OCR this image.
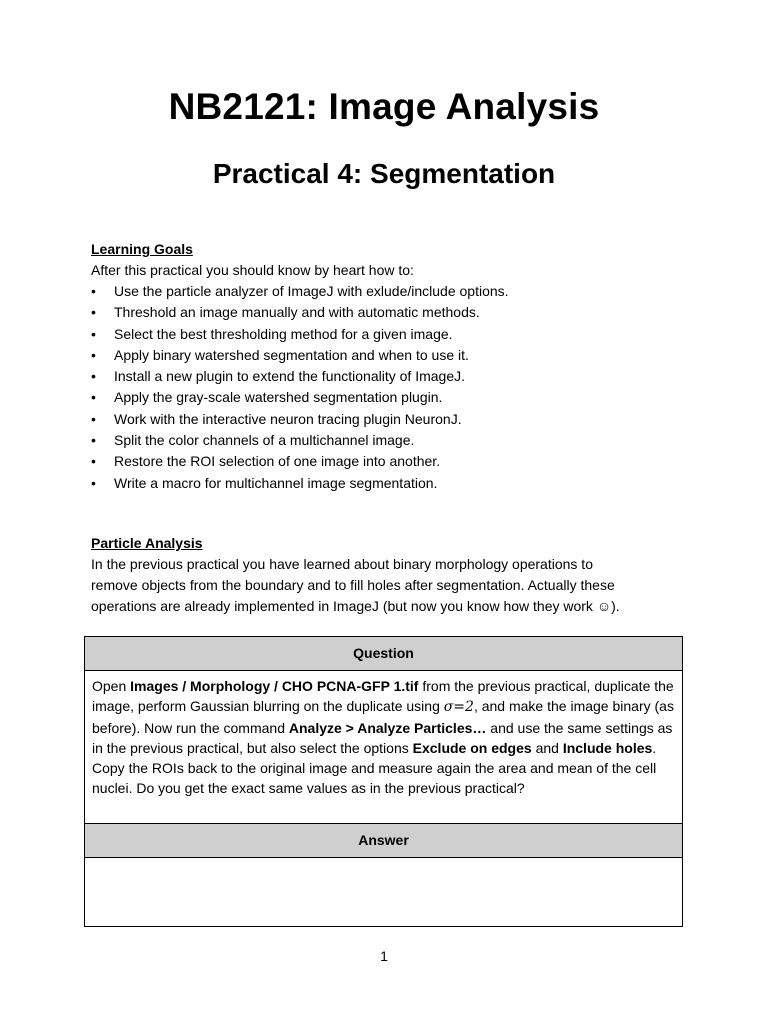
NB2121: Image Analysis
Practical 4: Segmentation
Learning Goals
After this practical you should know by heart how to:
• Use the particle analyzer of ImageJ with exlude/include options.
• Threshold an image manually and with automatic methods.
• Select the best thresholding method for a given image.
• Apply binary watershed segmentation and when to use it.
• Install a new plugin to extend the functionality of ImageJ.
• Apply the gray-scale watershed segmentation plugin.
• Work with the interactive neuron tracing plugin NeuronJ.
• Split the color channels of a multichannel image.
• Restore the ROI selection of one image into another.
• Write a macro for multichannel image segmentation.
Particle Analysis
In the previous practical you have learned about binary morphology operations to
remove objects from the boundary and to fill holes after segmentation. Actually these
operations are already implemented in ImageJ (but now you know how they work ☺).
Question
Open Images / Morphology / CHO PCNA-GFP 1.tif from the previous practical, duplicate the image, perform Gaussian blurring on the duplicate using σ=2, and make the image binary (as before). Now run the command Analyze > Analyze Particles… and use the same settings as in the previous practical, but also select the options Exclude on edges and Include holes. Copy the ROIs back to the original image and measure again the area and mean of the cell nuclei. Do you get the exact same values as in the previous practical?
Answer
1
